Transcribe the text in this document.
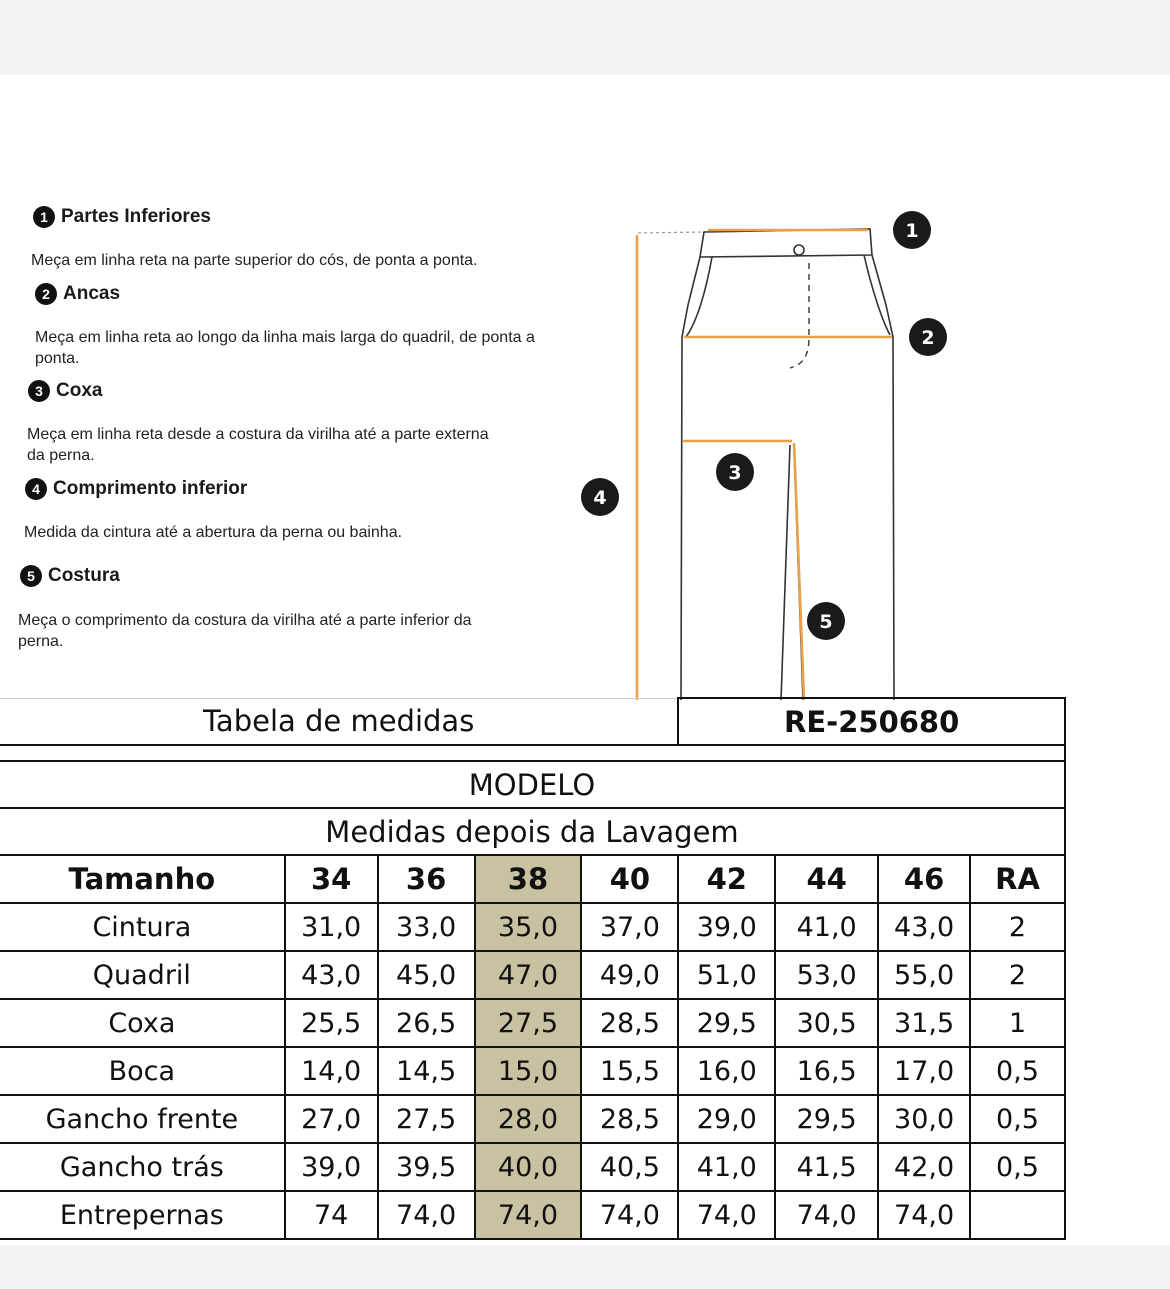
1 Partes Inferiores
Meça em linha reta na parte superior do cós, de ponta a ponta.
2 Ancas
Meça em linha reta ao longo da linha mais larga do quadril, de ponta a ponta.
3 Coxa
Meça em linha reta desde a costura da virilha até a parte externa da perna.
4 Comprimento inferior
Medida da cintura até a abertura da perna ou bainha.
5 Costura
Meça o comprimento da costura da virilha até a parte inferior da perna.
1
2
3
4
5
Tabela de medidas					RE-250680			

MODELO								
Medidas depois da Lavagem								
Tamanho	34	36	38	40	42	44	46	RA
Cintura	31,0	33,0	35,0	37,0	39,0	41,0	43,0	2
Quadril	43,0	45,0	47,0	49,0	51,0	53,0	55,0	2
Coxa	25,5	26,5	27,5	28,5	29,5	30,5	31,5	1
Boca	14,0	14,5	15,0	15,5	16,0	16,5	17,0	0,5
Gancho frente	27,0	27,5	28,0	28,5	29,0	29,5	30,0	0,5
Gancho trás	39,0	39,5	40,0	40,5	41,0	41,5	42,0	0,5
Entrepernas	74	74,0	74,0	74,0	74,0	74,0	74,0	
